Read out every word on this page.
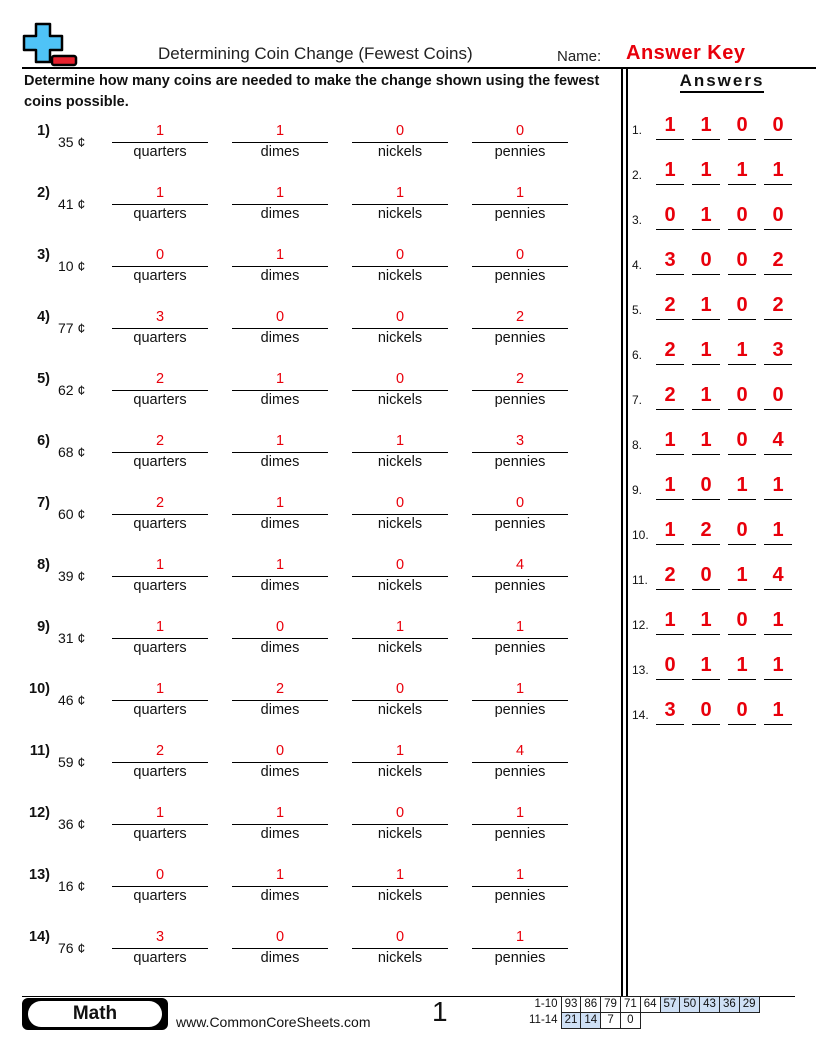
Determining Coin Change (Fewest Coins)	Name: Answer Key
Determine how many coins are needed to make the change shown using the fewest coins possible.
Answers
1)
35 ¢
1
quarters
1
dimes
0
nickels
0
pennies
2)
41 ¢
1
quarters
1
dimes
1
nickels
1
pennies
3)
10 ¢
0
quarters
1
dimes
0
nickels
0
pennies
4)
77 ¢
3
quarters
0
dimes
0
nickels
2
pennies
5)
62 ¢
2
quarters
1
dimes
0
nickels
2
pennies
6)
68 ¢
2
quarters
1
dimes
1
nickels
3
pennies
7)
60 ¢
2
quarters
1
dimes
0
nickels
0
pennies
8)
39 ¢
1
quarters
1
dimes
0
nickels
4
pennies
9)
31 ¢
1
quarters
0
dimes
1
nickels
1
pennies
10)
46 ¢
1
quarters
2
dimes
0
nickels
1
pennies
11)
59 ¢
2
quarters
0
dimes
1
nickels
4
pennies
12)
36 ¢
1
quarters
1
dimes
0
nickels
1
pennies
13)
16 ¢
0
quarters
1
dimes
1
nickels
1
pennies
14)
76 ¢
3
quarters
0
dimes
0
nickels
1
pennies
1.	1	1	0	0
2.	1	1	1	1
3.	0	1	0	0
4.	3	0	0	2
5.	2	1	0	2
6.	2	1	1	3
7.	2	1	0	0
8.	1	1	0	4
9.	1	0	1	1
10. 1	2	0	1
11. 2	0	1	4
12. 1	1	0	1
13. 0	1	1	1
14. 3	0	0	1
Math	www.CommonCoreSheets.com 1	1-10	93	86	79	71	64	57	50	43	36	29
11-14	21	14	7	0						
